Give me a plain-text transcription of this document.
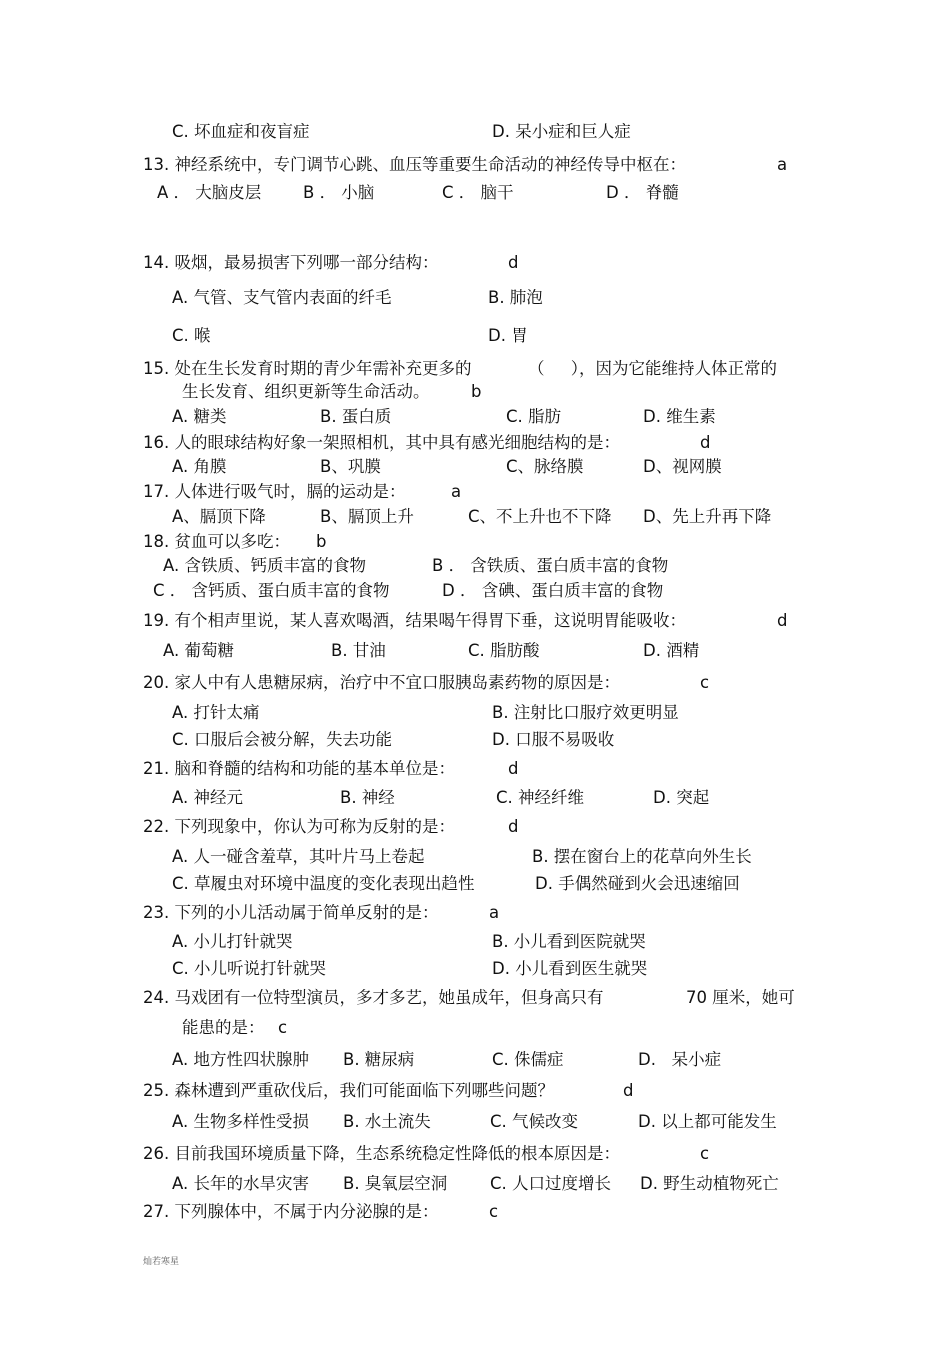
C. 坏血症和夜盲症	D. 呆小症和巨人症
13. 神经系统中，专门调节心跳、血压等重要生命活动的神经传导中枢在：	a
A ． 大脑皮层	B ． 小脑	C ． 脑干	D ． 脊髓
14. 吸烟，最易损害下列哪一部分结构：	d
A. 气管、支气管内表面的纤毛	B. 肺泡
C. 喉	D. 胃
15. 处在生长发育时期的青少年需补充更多的	（     ），因为它能维持人体正常的
生长发育、组织更新等生命活动。	b
A. 糖类	B. 蛋白质	C. 脂肪	D. 维生素
16. 人的眼球结构好象一架照相机，其中具有感光细胞结构的是：	d
A. 角膜	B、巩膜	C、脉络膜	D、视网膜
17. 人体进行吸气时，膈的运动是：	a
A、膈顶下降	B、膈顶上升	C、不上升也不下降 D、先上升再下降
18. 贫血可以多吃： b
A. 含铁质、钙质丰富的食物	B ． 含铁质、蛋白质丰富的食物
C ． 含钙质、蛋白质丰富的食物	D ． 含碘、蛋白质丰富的食物
19. 有个相声里说，某人喜欢喝酒，结果喝午得胃下垂，这说明胃能吸收：	d
A. 葡萄糖	B. 甘油	C. 脂肪酸	D. 酒精
20. 家人中有人患糖尿病，治疗中不宜口服胰岛素药物的原因是：	c
A. 打针太痛	B. 注射比口服疗效更明显
C. 口服后会被分解，失去功能	D. 口服不易吸收
21. 脑和脊髓的结构和功能的基本单位是：	d
A. 神经元	B. 神经	C. 神经纤维	D. 突起
22. 下列现象中，你认为可称为反射的是：	d
A. 人一碰含羞草，其叶片马上卷起	B. 摆在窗台上的花草向外生长
C. 草履虫对环境中温度的变化表现出趋性	D. 手偶然碰到火会迅速缩回
23. 下列的小儿活动属于简单反射的是：	a
A. 小儿打针就哭	B. 小儿看到医院就哭
C. 小儿听说打针就哭	D. 小儿看到医生就哭
24. 马戏团有一位特型演员，多才多艺，她虽成年，但身高只有	70 厘米，她可
能患的是： c
A. 地方性四状腺肿 B. 糖尿病	C. 侏儒症	D.   呆小症
25. 森林遭到严重砍伐后，我们可能面临下列哪些问题？	d
A. 生物多样性受损 B. 水土流失	C. 气候改变	D. 以上都可能发生
26. 目前我国环境质量下降，生态系统稳定性降低的根本原因是：	c
A. 长年的水旱灾害 B. 臭氧层空洞	C. 人口过度增长 D. 野生动植物死亡
27. 下列腺体中，不属于内分泌腺的是：	c
灿若寒星
